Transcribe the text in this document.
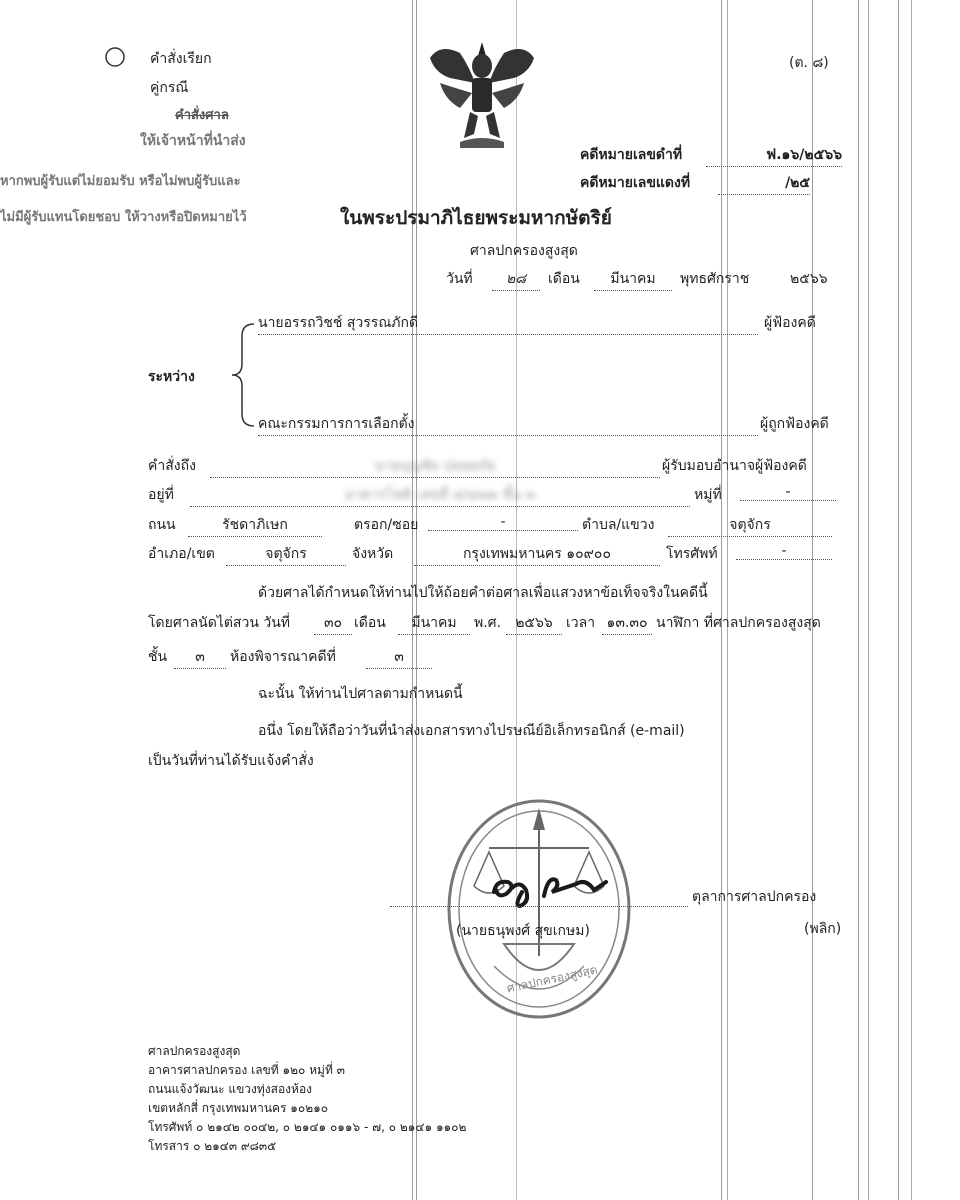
คำสั่งเรียก
คู่กรณี
คำสั่งศาล
ให้เจ้าหน้าที่นำส่ง
หากพบผู้รับแต่ไม่ยอมรับ หรือไม่พบผู้รับและ
ไม่มีผู้รับแทนโดยชอบ ให้วางหรือปิดหมายไว้
(ต. ๘)
คดีหมายเลขดำที่	ฟ.๑๖/๒๕๖๖
คดีหมายเลขแดงที่	/๒๕
ในพระปรมาภิไธยพระมหากษัตริย์
ศาลปกครองสูงสุด
วันที่	๒๘	เดือน	มีนาคม	พุทธศักราช	๒๕๖๖
นายอรรถวิชช์ สุวรรณภักดี	ผู้ฟ้องคดี
ระหว่าง
คณะกรรมการการเลือกตั้ง	ผู้ถูกฟ้องคดี
คำสั่งถึง	นายบุญชัย ปลอดภัย	ผู้รับมอบอำนาจผู้ฟ้องคดี
อยู่ที่	อาคารโชติ เลขที่ ๔/๔๓๓ ชั้น ๓	หมู่ที่	-
ถนน	รัชดาภิเษก	ตรอก/ซอย	-	ตำบล/แขวง	จตุจักร
อำเภอ/เขต	จตุจักร	จังหวัด	กรุงเทพมหานคร ๑๐๙๐๐	โทรศัพท์	-
ด้วยศาลได้กำหนดให้ท่านไปให้ถ้อยคำต่อศาลเพื่อแสวงหาข้อเท็จจริงในคดีนี้
โดยศาลนัดไต่สวน วันที่	๓๐ เดือน	มีนาคม	พ.ศ.	๒๕๖๖ เวลา ๑๓.๓๐ นาฬิกา ที่ศาลปกครองสูงสุด
ชั้น	๓	ห้องพิจารณาคดีที่	๓
ฉะนั้น ให้ท่านไปศาลตามกำหนดนี้
อนึ่ง โดยให้ถือว่าวันที่นำส่งเอกสารทางไปรษณีย์อิเล็กทรอนิกส์ (e-mail)
เป็นวันที่ท่านได้รับแจ้งคำสั่ง
ศาลปกครองสูงสุด
ตุลาการศาลปกครอง
(นายธนุพงศ์ สุขเกษม)	(พลิก)
ศาลปกครองสูงสุด
อาคารศาลปกครอง เลขที่ ๑๒๐ หมู่ที่ ๓
ถนนแจ้งวัฒนะ แขวงทุ่งสองห้อง
เขตหลักสี่ กรุงเทพมหานคร ๑๐๒๑๐
โทรศัพท์ ๐ ๒๑๔๒ ๐๐๔๒, ๐ ๒๑๔๑ ๐๑๑๖ - ๗, ๐ ๒๑๔๑ ๑๑๐๒
โทรสาร ๐ ๒๑๔๓ ๙๘๓๕
